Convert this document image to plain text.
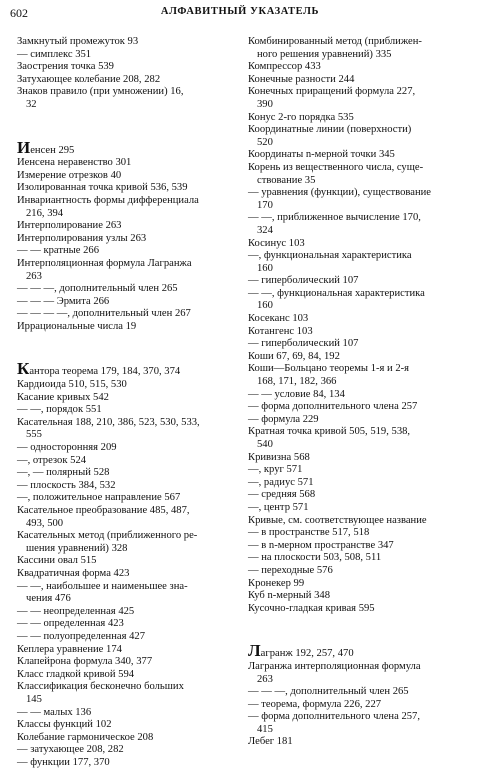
602	АЛФАВИТНЫЙ УКАЗАТЕЛЬ

Замкнутый промежуток 93

— симплекс 351

Заострения точка 539

Затухающее колебание 208, 282

Знаков правило (при умножении) 16,
32

Иенсен 295

Иенсена неравенство 301

Измерение отрезков 40

Изолированная точка кривой 536, 539

Инвариантность формы дифференциала
216, 394

Интерполирование 263

Интерполирования узлы 263

— — кратные 266

Интерполяционная формула Лагранжа
263

— — —, дополнительный член 265

— — — Эрмита 266

— — — —, дополнительный член 267

Иррациональные числа 19

Кантора теорема 179, 184, 370, 374

Кардиоида 510, 515, 530

Касание кривых 542

— —, порядок 551

Касательная 188, 210, 386, 523, 530, 533,
555

— односторонняя 209

—, отрезок 524

—, — полярный 528

— плоскость 384, 532

—, положительное направление 567

Касательное преобразование 485, 487,
493, 500

Касательных метод (приближенного ре-
шения уравнений) 328

Кассини овал 515

Квадратичная форма 423

— —, наибольшее и наименьшее зна-
чения 476

— — неопределенная 425

— — определенная 423

— — полуопределенная 427

Кеплера уравнение 174

Клапейрона формула 340, 377

Класс гладкой кривой 594

Классификация бесконечно больших
145

— — малых 136

Классы функций 102

Колебание гармоническое 208

— затухающее 208, 282

— функции 177, 370

Комбинированный метод (приближен-
ного решения уравнений) 335

Компрессор 433

Конечные разности 244

Конечных приращений формула 227,
390

Конус 2-го порядка 535

Координатные линии (поверхности)
520

Координаты n-мерной точки 345

Корень из вещественного числа, суще-
ствование 35

— уравнения (функции), существование
170

— —, приближенное вычисление 170,
324

Косинус 103

—, функциональная характеристика
160

— гиперболический 107

— —, функциональная характеристика
160

Косеканс 103

Котангенс 103

— гиперболический 107

Коши 67, 69, 84, 192

Коши—Больцано теоремы 1-я и 2-я
168, 171, 182, 366

— — условие 84, 134

— форма дополнительного члена 257

— формула 229

Кратная точка кривой 505, 519, 538,
540

Кривизна 568

—, круг 571

—, радиус 571

— средняя 568

—, центр 571

Кривые, см. соответствующее название

— в пространстве 517, 518

— в n-мерном пространстве 347

— на плоскости 503, 508, 511

— переходные 576

Кронекер 99

Куб n-мерный 348

Кусочно-гладкая кривая 595

Лагранж 192, 257, 470

Лагранжа интерполяционная формула
263

— — —, дополнительный член 265

— теорема, формула 226, 227

— форма дополнительного члена 257,
415

Лебег 181
